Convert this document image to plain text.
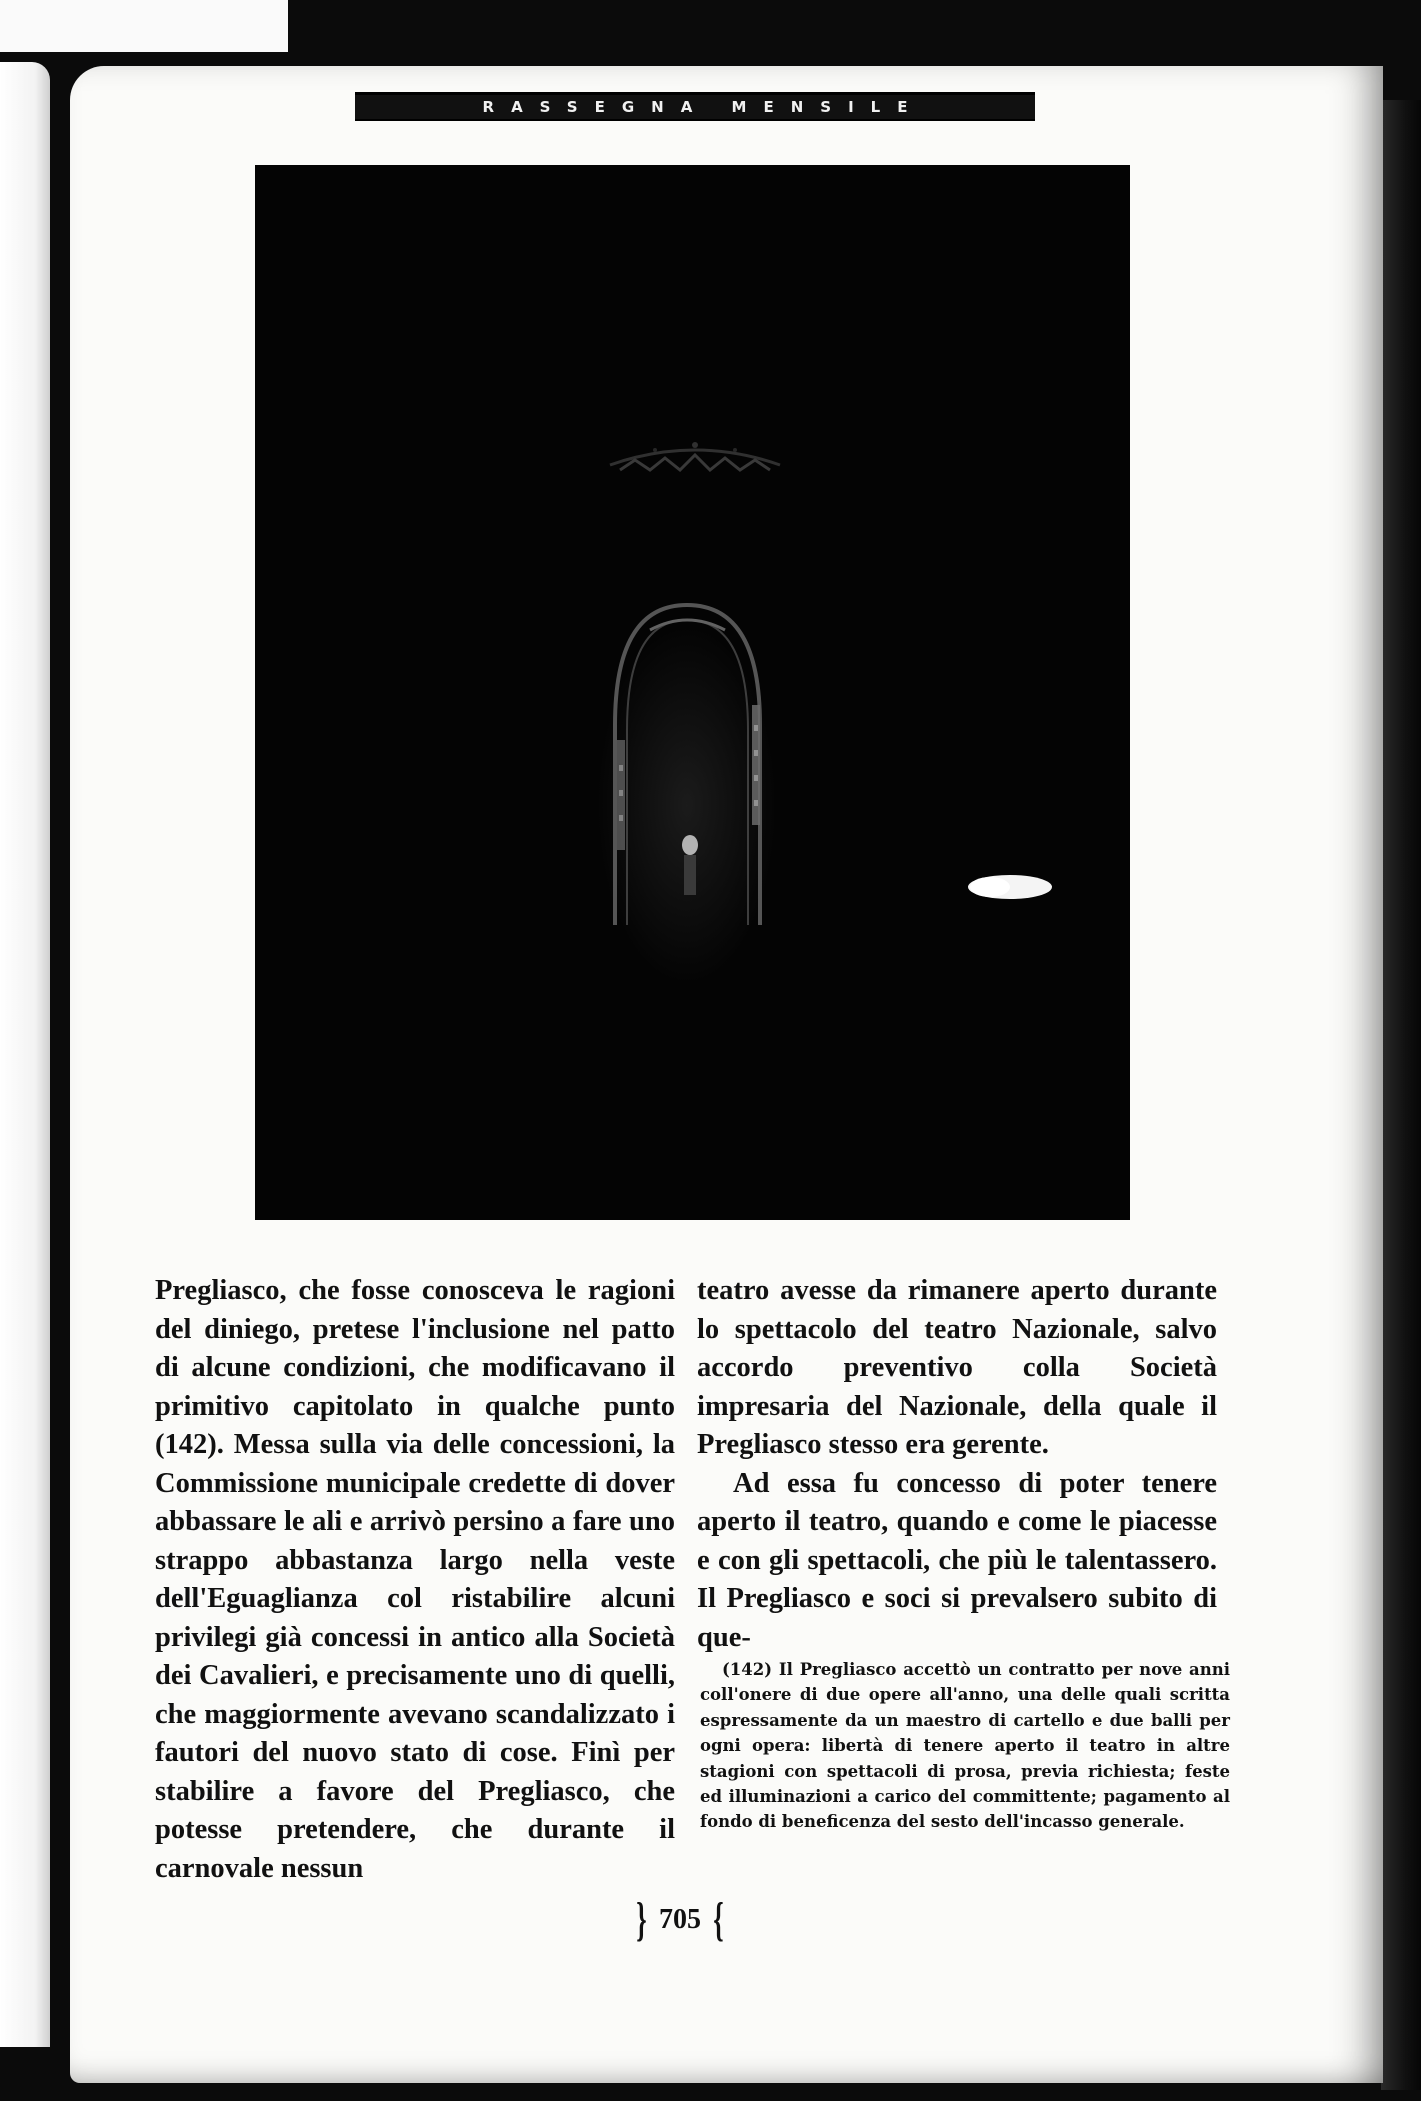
RASSEGNA MENSILE

Pregliasco, che fosse conosceva le ragioni del diniego, pretese l'inclusione nel patto di alcune condizioni, che modificavano il primitivo capitolato in qualche punto (142). Messa sulla via delle concessioni, la Commissione municipale credette di dover abbassare le ali e arrivò persino a fare uno strappo abbastanza largo nella veste dell'Eguaglianza col ristabilire alcuni privilegi già concessi in antico alla Società dei Cavalieri, e precisamente uno di quelli, che maggiormente avevano scandalizzato i fautori del nuovo stato di cose. Finì per stabilire a favore del Pregliasco, che potesse pretendere, che durante il carnovale nessun

teatro avesse da rimanere aperto durante lo spettacolo del teatro Nazionale, salvo accordo preventivo colla Società impresaria del Nazionale, della quale il Pregliasco stesso era gerente.

Ad essa fu concesso di poter tenere aperto il teatro, quando e come le piacesse e con gli spettacoli, che più le talentassero. Il Pregliasco e soci si prevalsero subito di que-

(142) Il Pregliasco accettò un contratto per nove anni coll'onere di due opere all'anno, una delle quali scritta espressamente da un maestro di cartello e due balli per ogni opera: libertà di tenere aperto il teatro in altre stagioni con spettacoli di prosa, previa richiesta; feste ed illuminazioni a carico del committente; pagamento al fondo di beneficenza del sesto dell'incasso generale.

} 705 {
